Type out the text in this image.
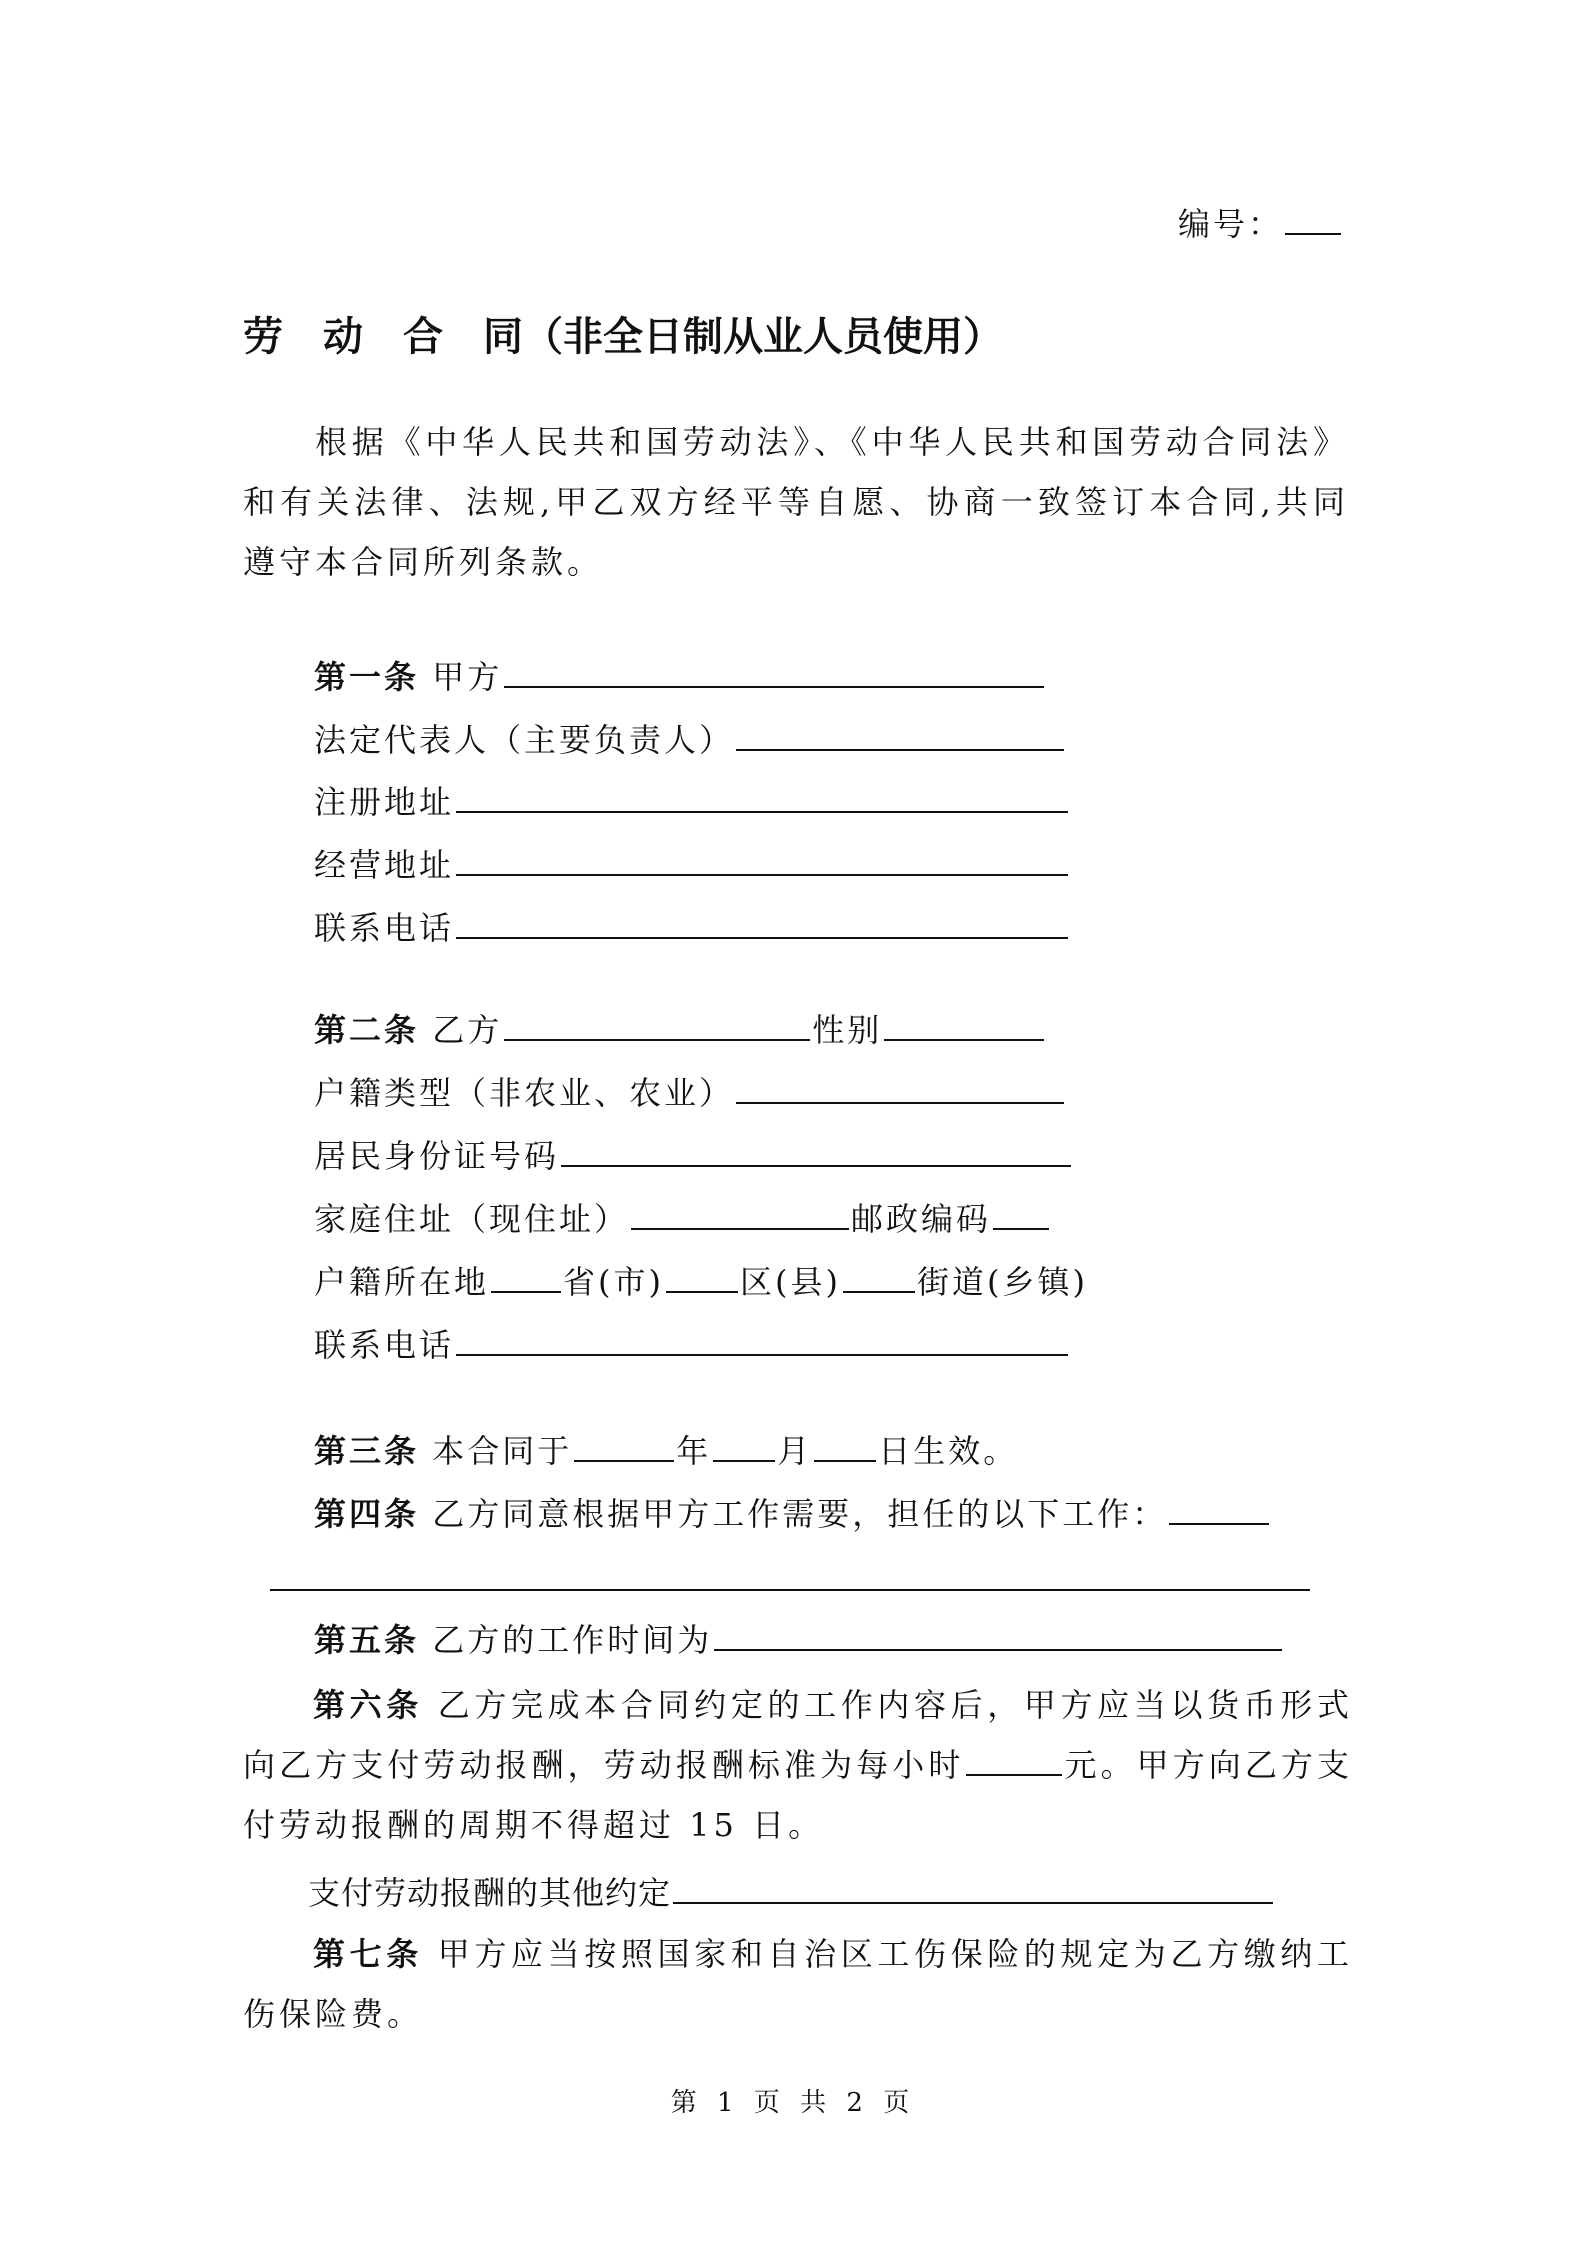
编号：
劳　动　合　同（非全日制从业人员使用）
根据《中华人民共和国劳动法》、《中华人民共和国劳动合同法》和有关法律、法规,甲乙双方经平等自愿、协商一致签订本合同,共同遵守本合同所列条款。
第一条 甲方
法定代表人（主要负责人）
注册地址
经营地址
联系电话
第二条 乙方	性别
户籍类型（非农业、农业）
居民身份证号码
家庭住址（现住址）	邮政编码
户籍所在地 省(市) 区(县) 街道(乡镇)
联系电话
第三条 本合同于	年 月 日生效。
第四条 乙方同意根据甲方工作需要，担任的以下工作：
第五条 乙方的工作时间为
第六条 乙方完成本合同约定的工作内容后，甲方应当以货币形式向乙方支付劳动报酬，劳动报酬标准为每小时	元。甲方向乙方支付劳动报酬的周期不得超过 15 日。
支付劳动报酬的其他约定
第七条 甲方应当按照国家和自治区工伤保险的规定为乙方缴纳工伤保险费。
第 1 页 共 2 页
